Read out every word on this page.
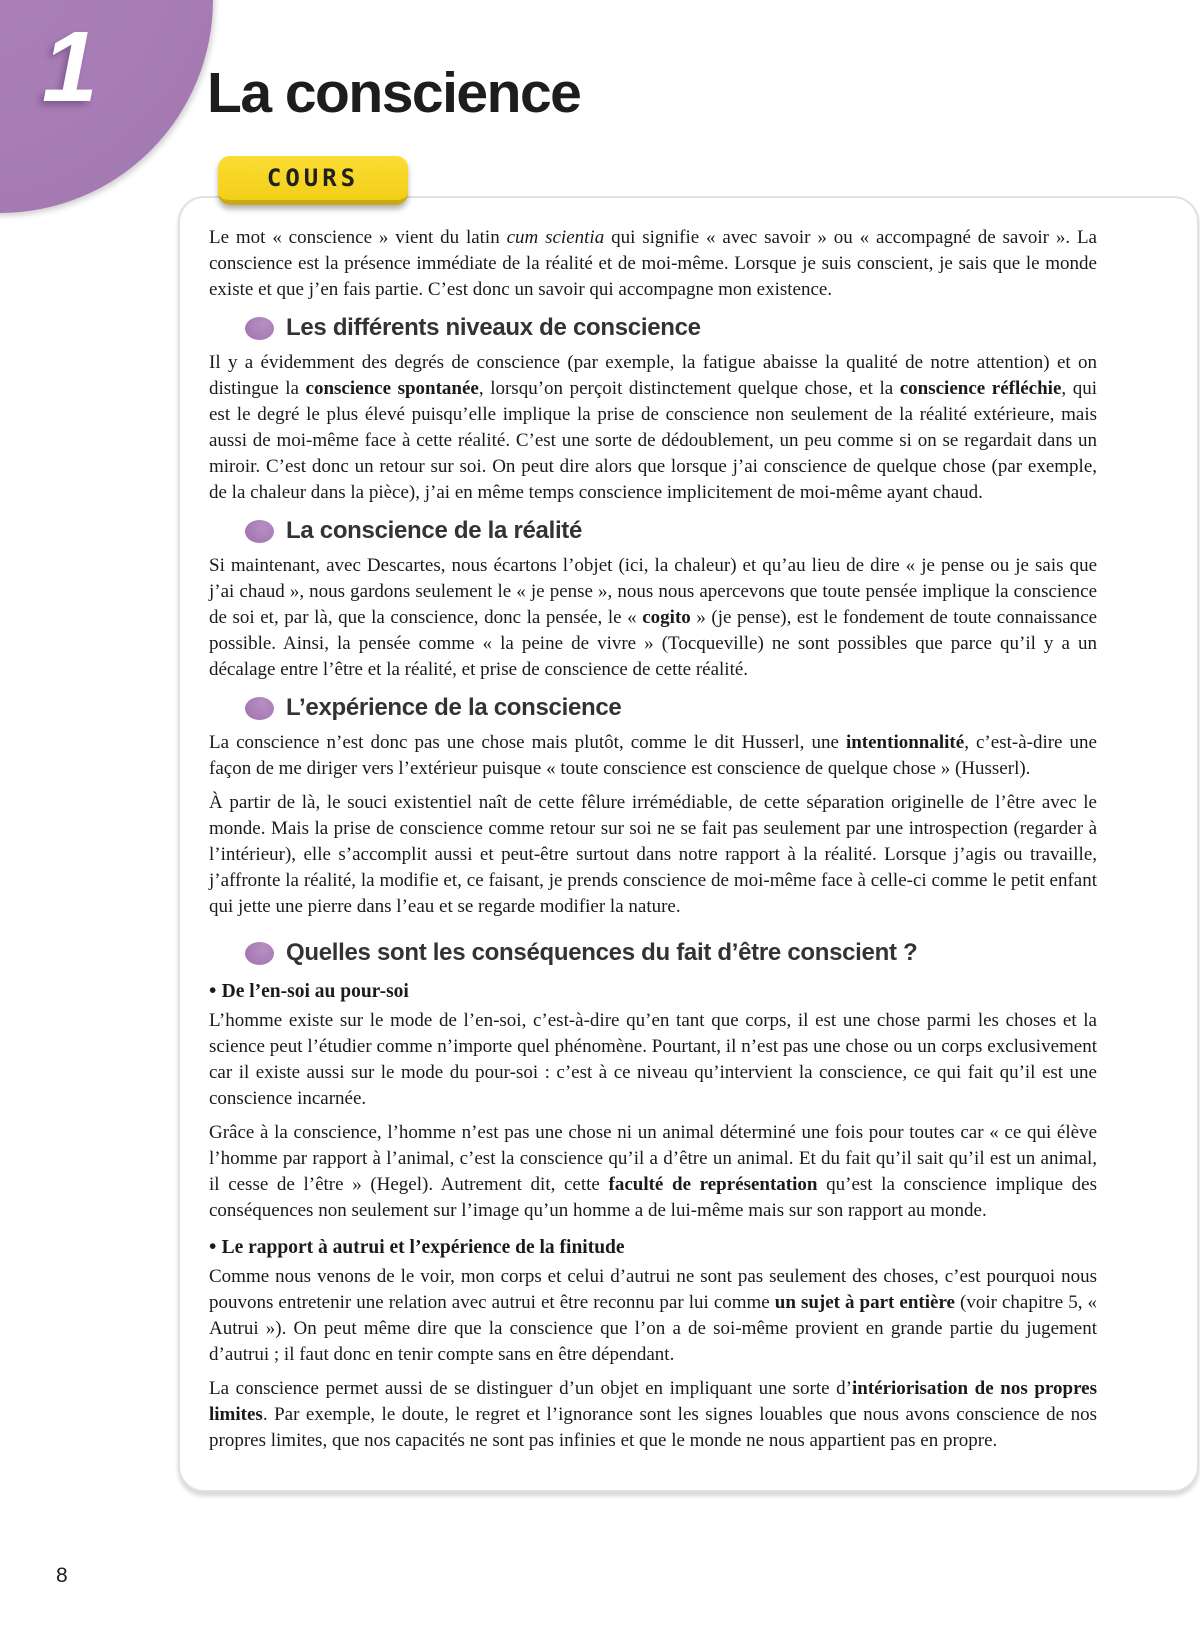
1 La conscience
COURS

Le mot « conscience » vient du latin cum scientia qui signifie « avec savoir » ou « accompagné de savoir ». La conscience est la présence immédiate de la réalité et de moi-même. Lorsque je suis conscient, je sais que le monde existe et que j’en fais partie. C’est donc un savoir qui accompagne mon existence.

Les différents niveaux de conscience

Il y a évidemment des degrés de conscience (par exemple, la fatigue abaisse la qualité de notre attention) et on distingue la conscience spontanée, lorsqu’on perçoit distinctement quelque chose, et la conscience réfléchie, qui est le degré le plus élevé puisqu’elle implique la prise de conscience non seulement de la réalité extérieure, mais aussi de moi-même face à cette réalité. C’est une sorte de dédoublement, un peu comme si on se regardait dans un miroir. C’est donc un retour sur soi. On peut dire alors que lorsque j’ai conscience de quelque chose (par exemple, de la chaleur dans la pièce), j’ai en même temps conscience implicitement de moi-même ayant chaud.

La conscience de la réalité

Si maintenant, avec Descartes, nous écartons l’objet (ici, la chaleur) et qu’au lieu de dire « je pense ou je sais que j’ai chaud », nous gardons seulement le « je pense », nous nous apercevons que toute pensée implique la conscience de soi et, par là, que la conscience, donc la pensée, le « cogito » (je pense), est le fondement de toute connaissance possible. Ainsi, la pensée comme « la peine de vivre » (Tocqueville) ne sont possibles que parce qu’il y a un décalage entre l’être et la réalité, et prise de conscience de cette réalité.

L’expérience de la conscience

La conscience n’est donc pas une chose mais plutôt, comme le dit Husserl, une intentionnalité, c’est-à-dire une façon de me diriger vers l’extérieur puisque « toute conscience est conscience de quelque chose » (Husserl).

À partir de là, le souci existentiel naît de cette fêlure irrémédiable, de cette séparation originelle de l’être avec le monde. Mais la prise de conscience comme retour sur soi ne se fait pas seulement par une introspection (regarder à l’intérieur), elle s’accomplit aussi et peut-être surtout dans notre rapport à la réalité. Lorsque j’agis ou travaille, j’affronte la réalité, la modifie et, ce faisant, je prends conscience de moi-même face à celle-ci comme le petit enfant qui jette une pierre dans l’eau et se regarde modifier la nature.

Quelles sont les conséquences du fait d’être conscient ?
• De l’en-soi au pour-soi

L’homme existe sur le mode de l’en-soi, c’est-à-dire qu’en tant que corps, il est une chose parmi les choses et la science peut l’étudier comme n’importe quel phénomène. Pourtant, il n’est pas une chose ou un corps exclusivement car il existe aussi sur le mode du pour-soi : c’est à ce niveau qu’intervient la conscience, ce qui fait qu’il est une conscience incarnée.

Grâce à la conscience, l’homme n’est pas une chose ni un animal déterminé une fois pour toutes car « ce qui élève l’homme par rapport à l’animal, c’est la conscience qu’il a d’être un animal. Et du fait qu’il sait qu’il est un animal, il cesse de l’être » (Hegel). Autrement dit, cette faculté de représentation qu’est la conscience implique des conséquences non seulement sur l’image qu’un homme a de lui-même mais sur son rapport au monde.

• Le rapport à autrui et l’expérience de la finitude

Comme nous venons de le voir, mon corps et celui d’autrui ne sont pas seulement des choses, c’est pourquoi nous pouvons entretenir une relation avec autrui et être reconnu par lui comme un sujet à part entière (voir chapitre 5, « Autrui »). On peut même dire que la conscience que l’on a de soi-même provient en grande partie du jugement d’autrui ; il faut donc en tenir compte sans en être dépendant.

La conscience permet aussi de se distinguer d’un objet en impliquant une sorte d’intériorisation de nos propres limites. Par exemple, le doute, le regret et l’ignorance sont les signes louables que nous avons conscience de nos propres limites, que nos capacités ne sont pas infinies et que le monde ne nous appartient pas en propre.

8
